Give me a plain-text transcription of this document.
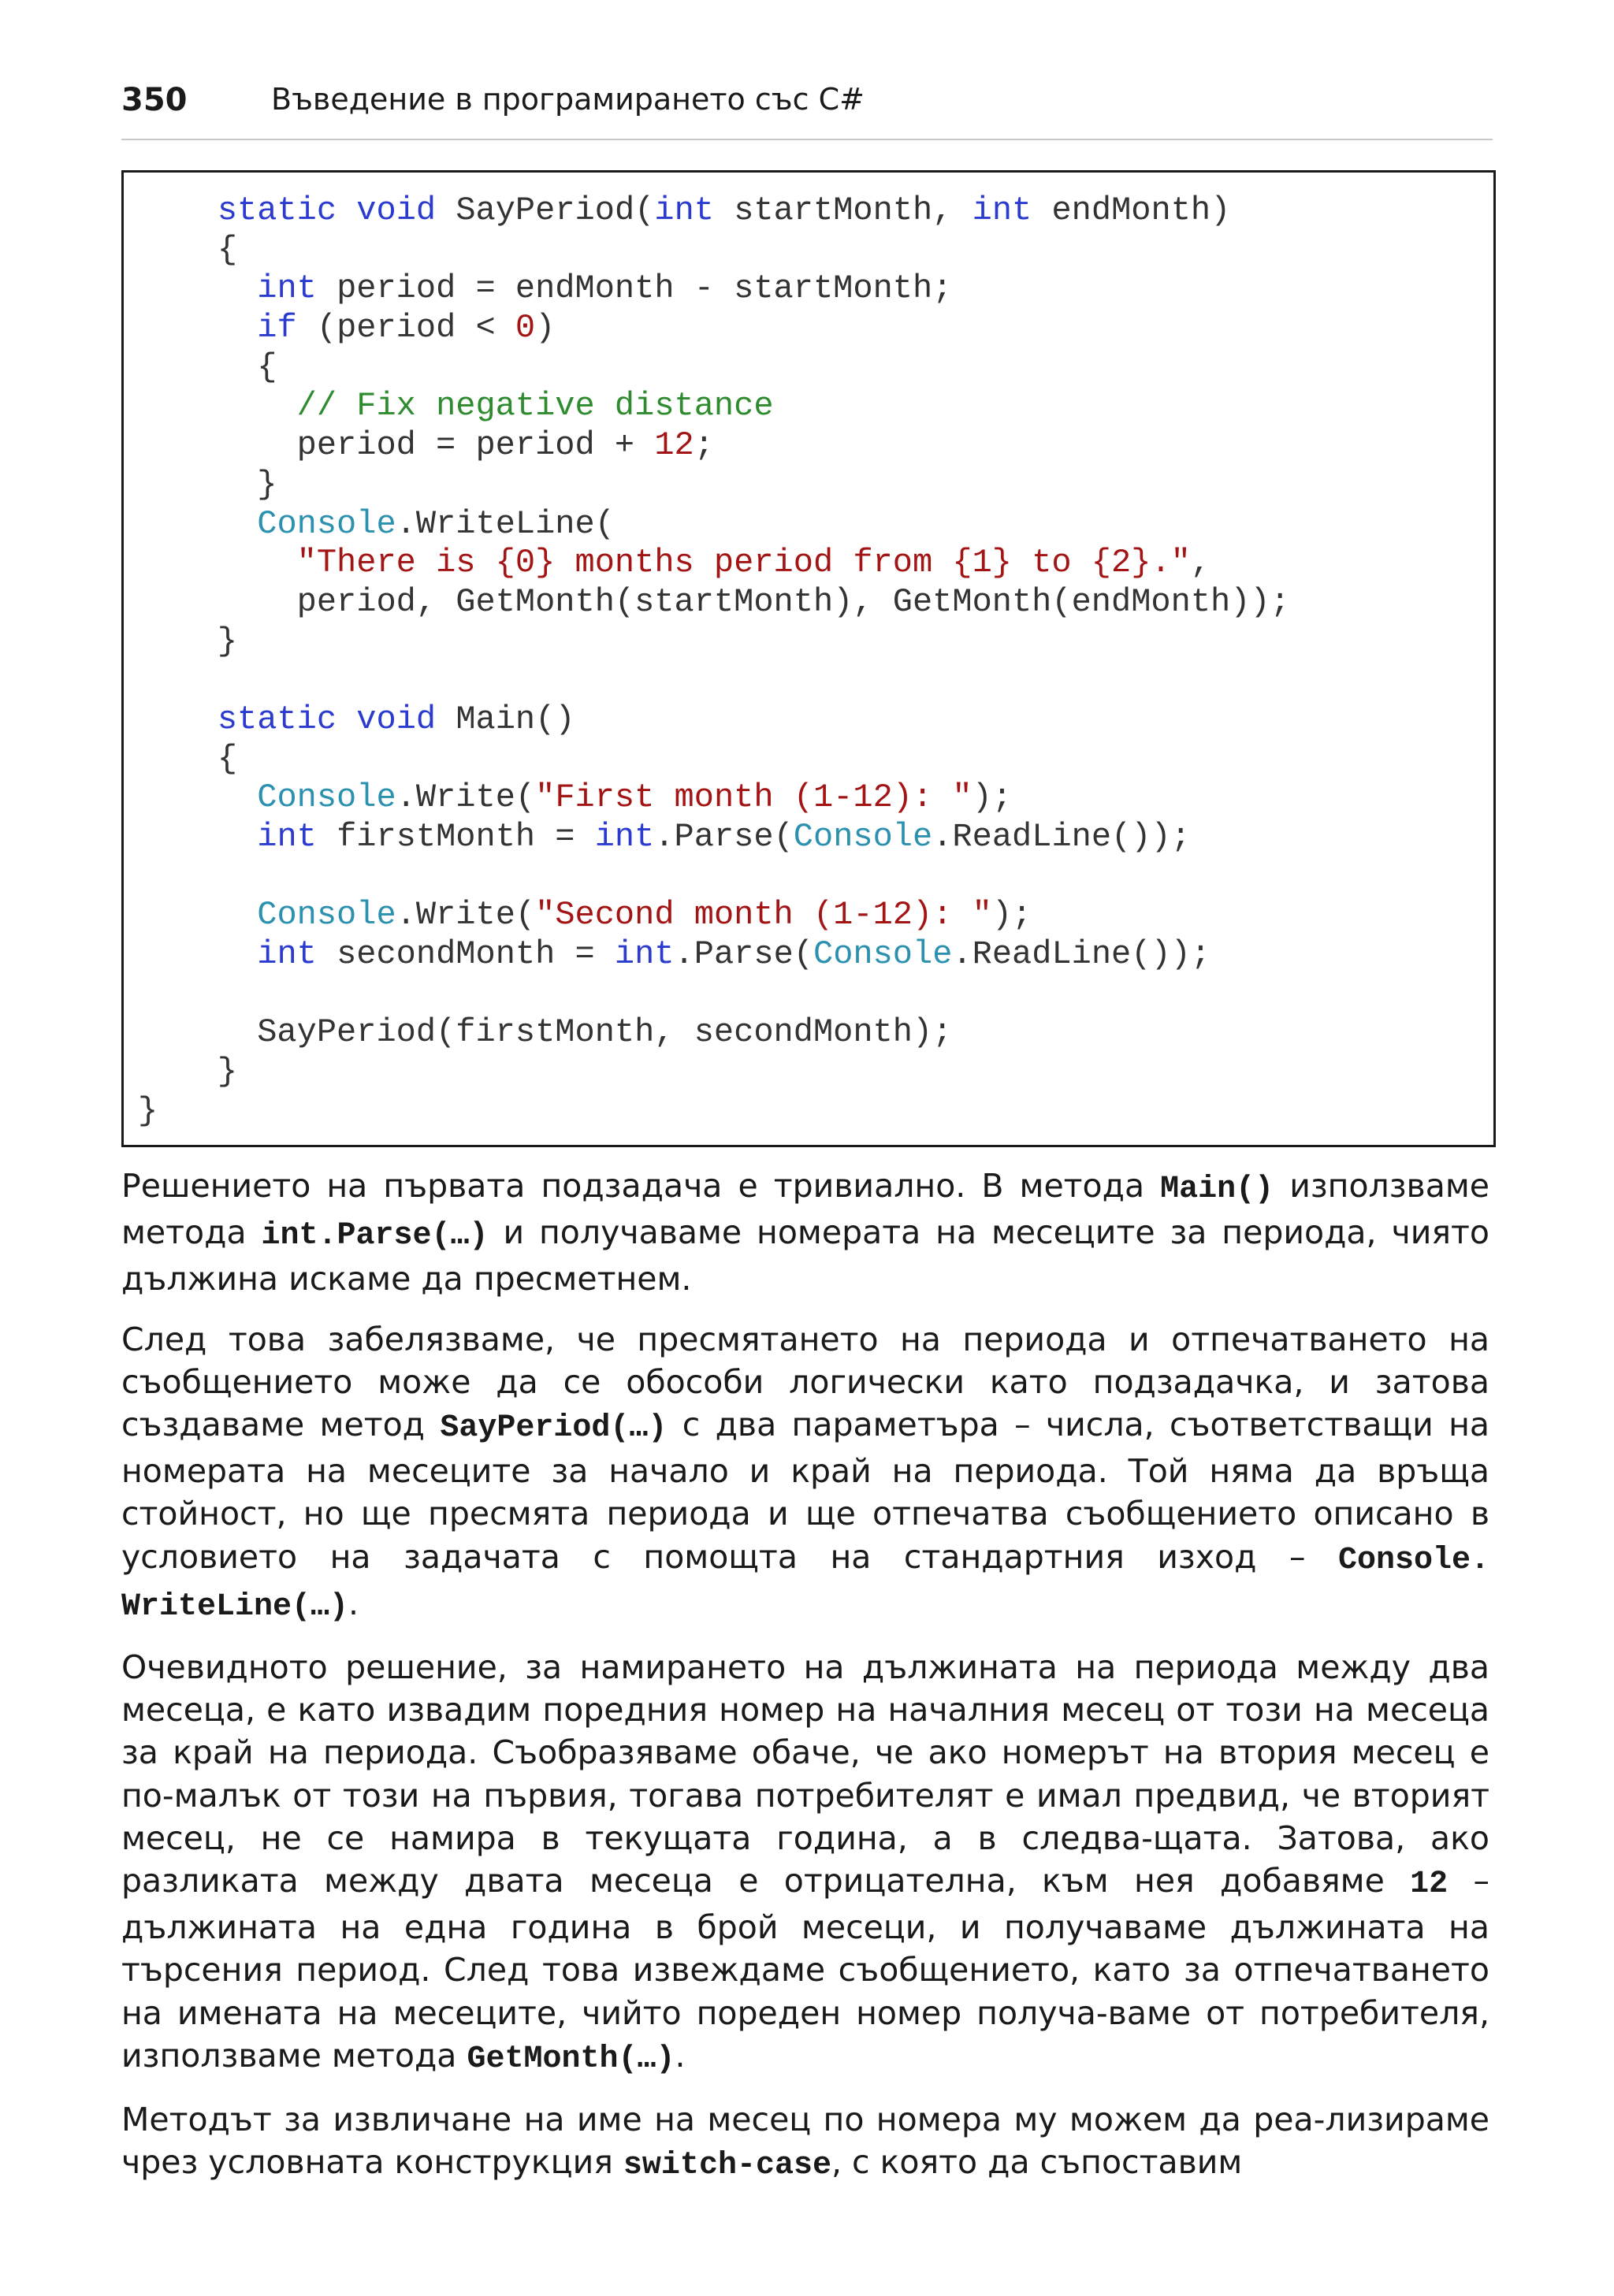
350	Въведение в програмирането със C#
static void SayPeriod(int startMonth, int endMonth)
{
int period = endMonth - startMonth;
if (period < 0)
{
// Fix negative distance
period = period + 12;
}
Console.WriteLine(
"There is {0} months period from {1} to {2}.",
period, GetMonth(startMonth), GetMonth(endMonth));
}
static void Main()
{
Console.Write("First month (1-12): ");
int firstMonth = int.Parse(Console.ReadLine());
Console.Write("Second month (1-12): ");
int secondMonth = int.Parse(Console.ReadLine());
SayPeriod(firstMonth, secondMonth);
}
}

Решението на първата подзадача е тривиално. В метода Main() използваме метода int.Parse(…) и получаваме номерата на месеците за периода, чиято дължина искаме да пресметнем.

След това забелязваме, че пресмятането на периода и отпечатването на съобщението може да се обособи логически като подзадачка, и затова създаваме метод SayPeriod(…) с два параметъра – числа, съответстващи на номерата на месеците за начало и край на периода. Той няма да връща стойност, но ще пресмята периода и ще отпечатва съобщението описано в условието на задачата с помощта на стандартния изход – Console. WriteLine(…).

Очевидното решение, за намирането на дължината на периода между два месеца, е като извадим поредния номер на началния месец от този на месеца за край на периода. Съобразяваме обаче, че ако номерът на втория месец е по-малък от този на първия, тогава потребителят е имал предвид, че вторият месец, не се намира в текущата година, а в следва-щата. Затова, ако разликата между двата месеца е отрицателна, към нея добавяме 12 – дължината на една година в брой месеци, и получаваме дължината на търсения период. След това извеждаме съобщението, като за отпечатването на имената на месеците, чийто пореден номер получа-ваме от потребителя, използваме метода GetMonth(…).

Методът за извличане на име на месец по номера му можем да реа-лизираме чрез условната конструкция switch-case, с която да съпоставим
